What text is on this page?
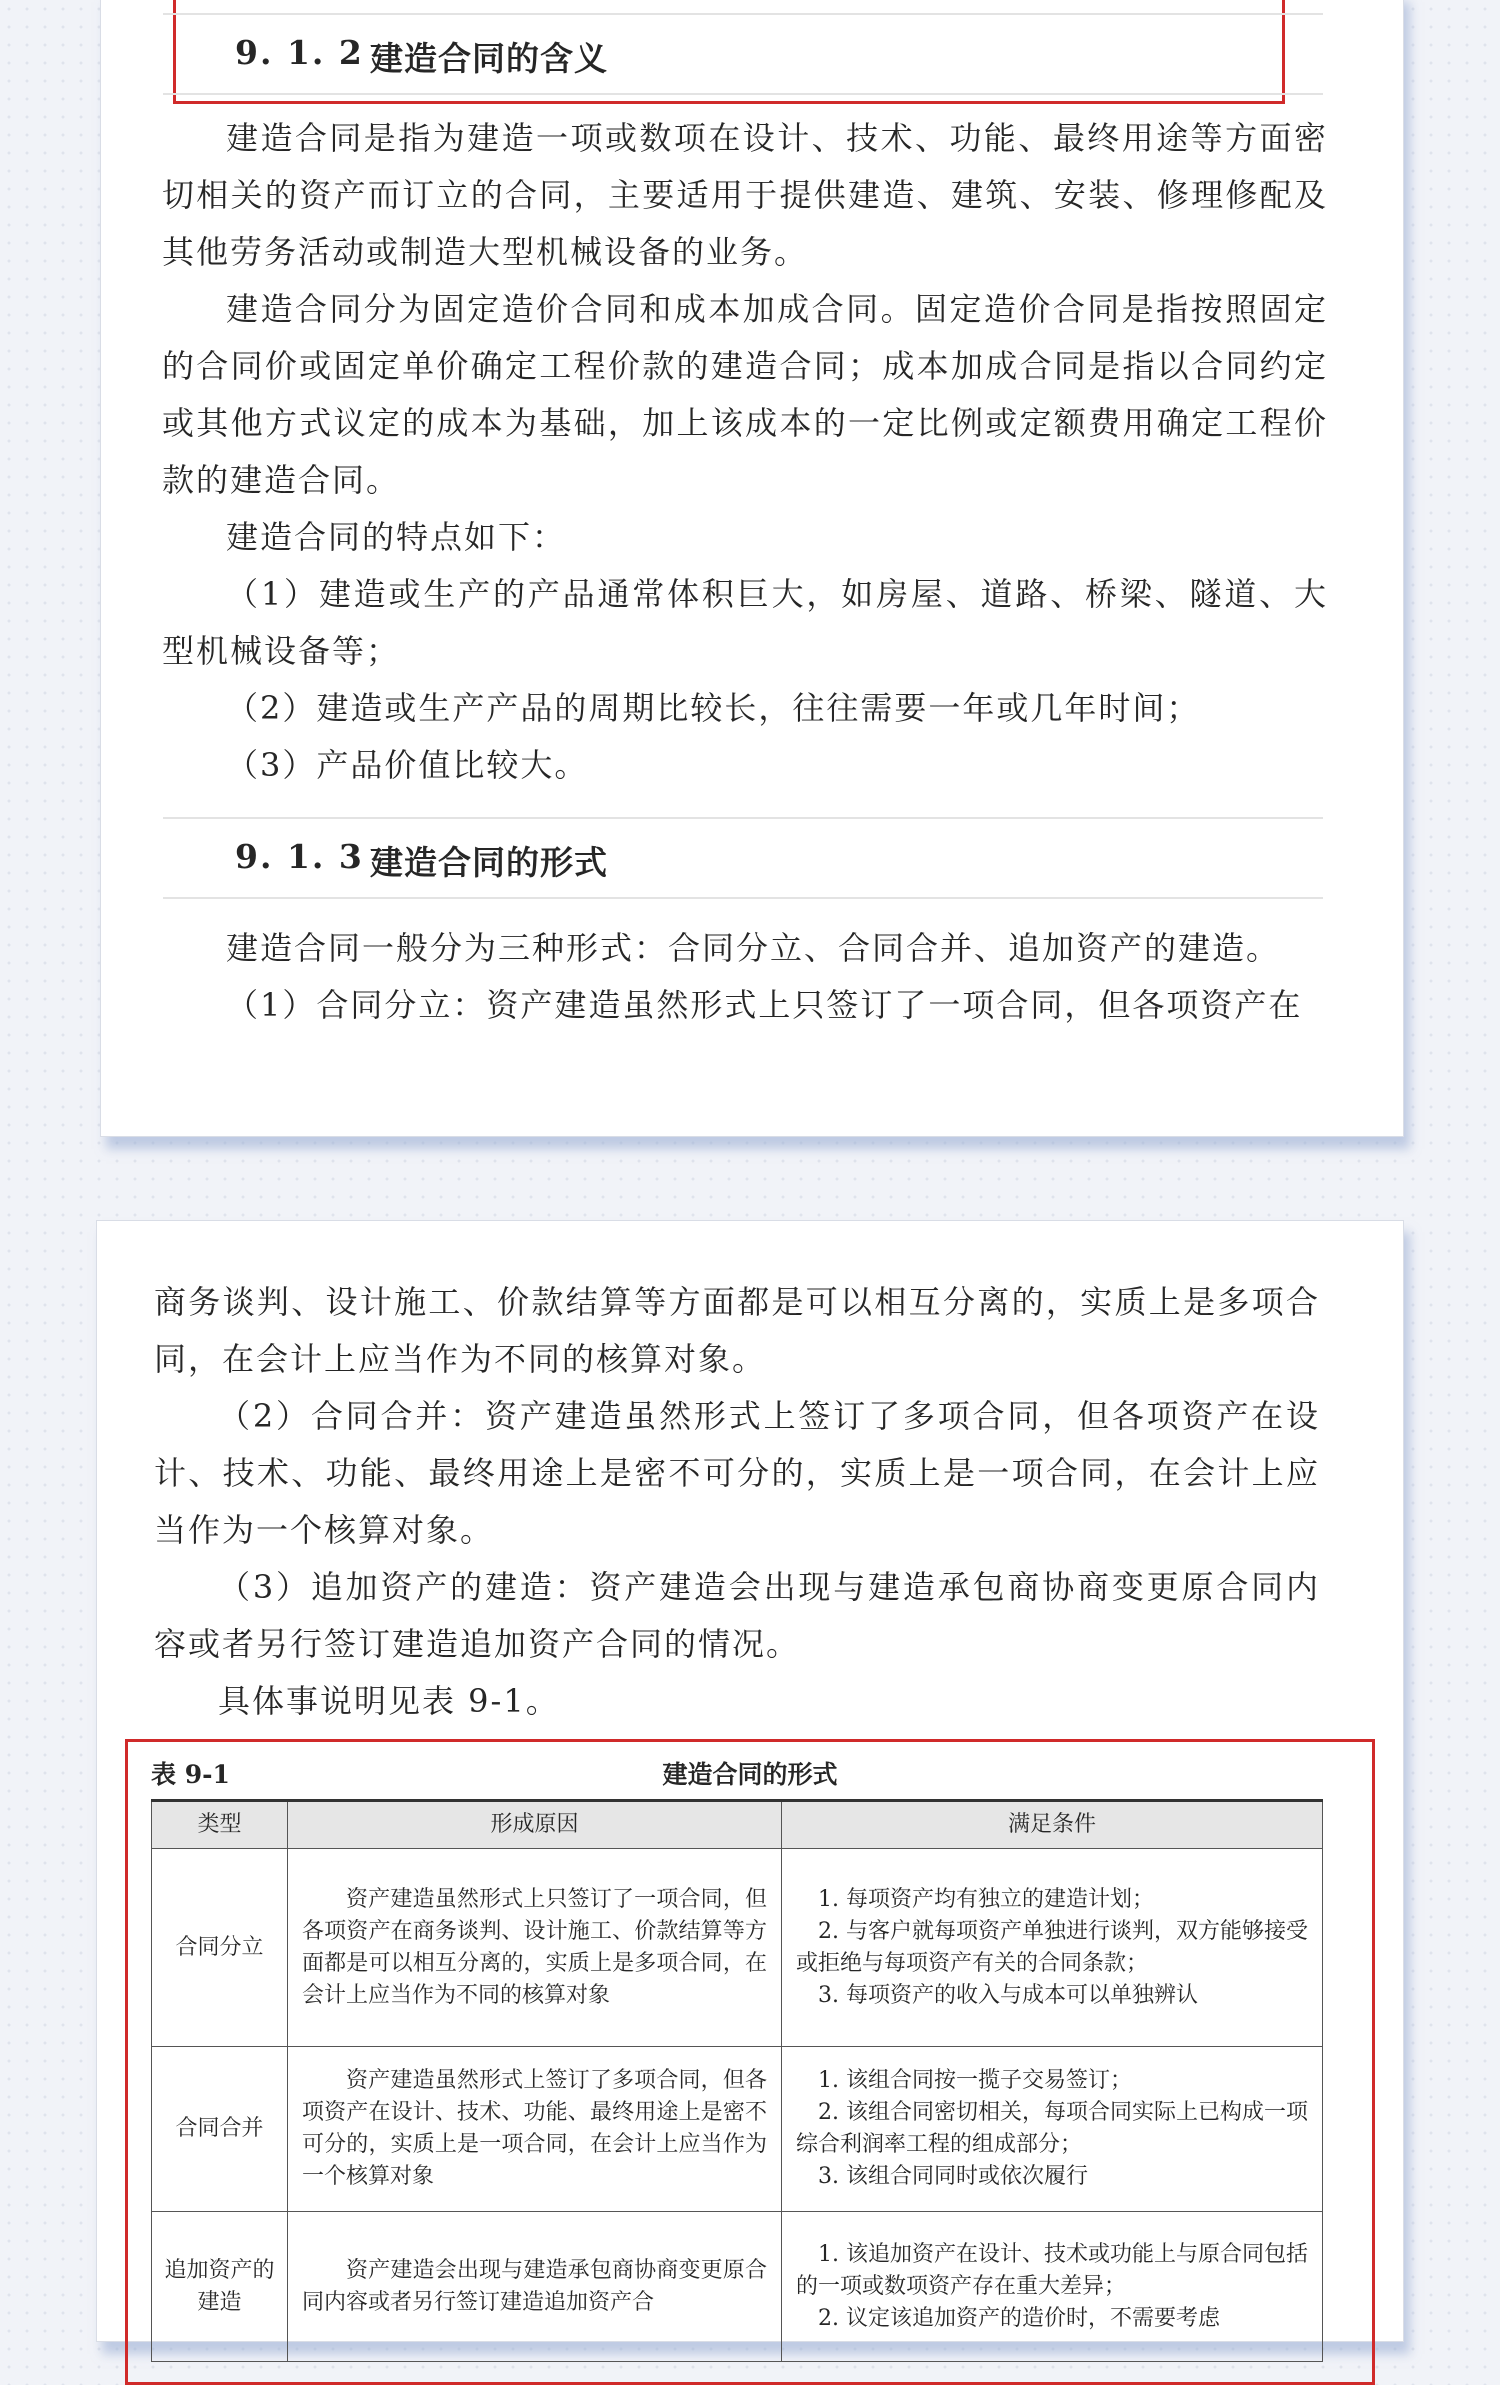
9. 1. 2 建造合同的含义

建造合同是指为建造一项或数项在设计、技术、功能、最终用途等方面密切相关的资产而订立的合同，主要适用于提供建造、建筑、安装、修理修配及其他劳务活动或制造大型机械设备的业务。

建造合同分为固定造价合同和成本加成合同。固定造价合同是指按照固定的合同价或固定单价确定工程价款的建造合同；成本加成合同是指以合同约定或其他方式议定的成本为基础，加上该成本的一定比例或定额费用确定工程价款的建造合同。

建造合同的特点如下：

（1）建造或生产的产品通常体积巨大，如房屋、道路、桥梁、隧道、大型机械设备等；

（2）建造或生产产品的周期比较长，往往需要一年或几年时间；

（3）产品价值比较大。

9. 1. 3 建造合同的形式

建造合同一般分为三种形式：合同分立、合同合并、追加资产的建造。

（1）合同分立：资产建造虽然形式上只签订了一项合同，但各项资产在

商务谈判、设计施工、价款结算等方面都是可以相互分离的，实质上是多项合同，在会计上应当作为不同的核算对象。

（2）合同合并：资产建造虽然形式上签订了多项合同，但各项资产在设计、技术、功能、最终用途上是密不可分的，实质上是一项合同，在会计上应当作为一个核算对象。

（3）追加资产的建造：资产建造会出现与建造承包商协商变更原合同内容或者另行签订建造追加资产合同的情况。

具体事说明见表 9-1。

表 9-1	建造合同的形式
类型	形成原因	满足条件
合同分立	资产建造虽然形式上只签订了一项合同，但各项资产在商务谈判、设计施工、价款结算等方面都是可以相互分离的，实质上是多项合同，在会计上应当作为不同的核算对象	1. 每项资产均有独立的建造计划；
2. 与客户就每项资产单独进行谈判，双方能够接受或拒绝与每项资产有关的合同条款；
3. 每项资产的收入与成本可以单独辨认

合同合并	资产建造虽然形式上签订了多项合同，但各项资产在设计、技术、功能、最终用途上是密不可分的，实质上是一项合同，在会计上应当作为一个核算对象	1. 该组合同按一揽子交易签订；
2. 该组合同密切相关，每项合同实际上已构成一项综合利润率工程的组成部分；
3. 该组合同同时或依次履行

追加资产的建造	资产建造会出现与建造承包商协商变更原合同内容或者另行签订建造追加资产合	1. 该追加资产在设计、技术或功能上与原合同包括的一项或数项资产存在重大差异；
2. 议定该追加资产的造价时，不需要考虑
